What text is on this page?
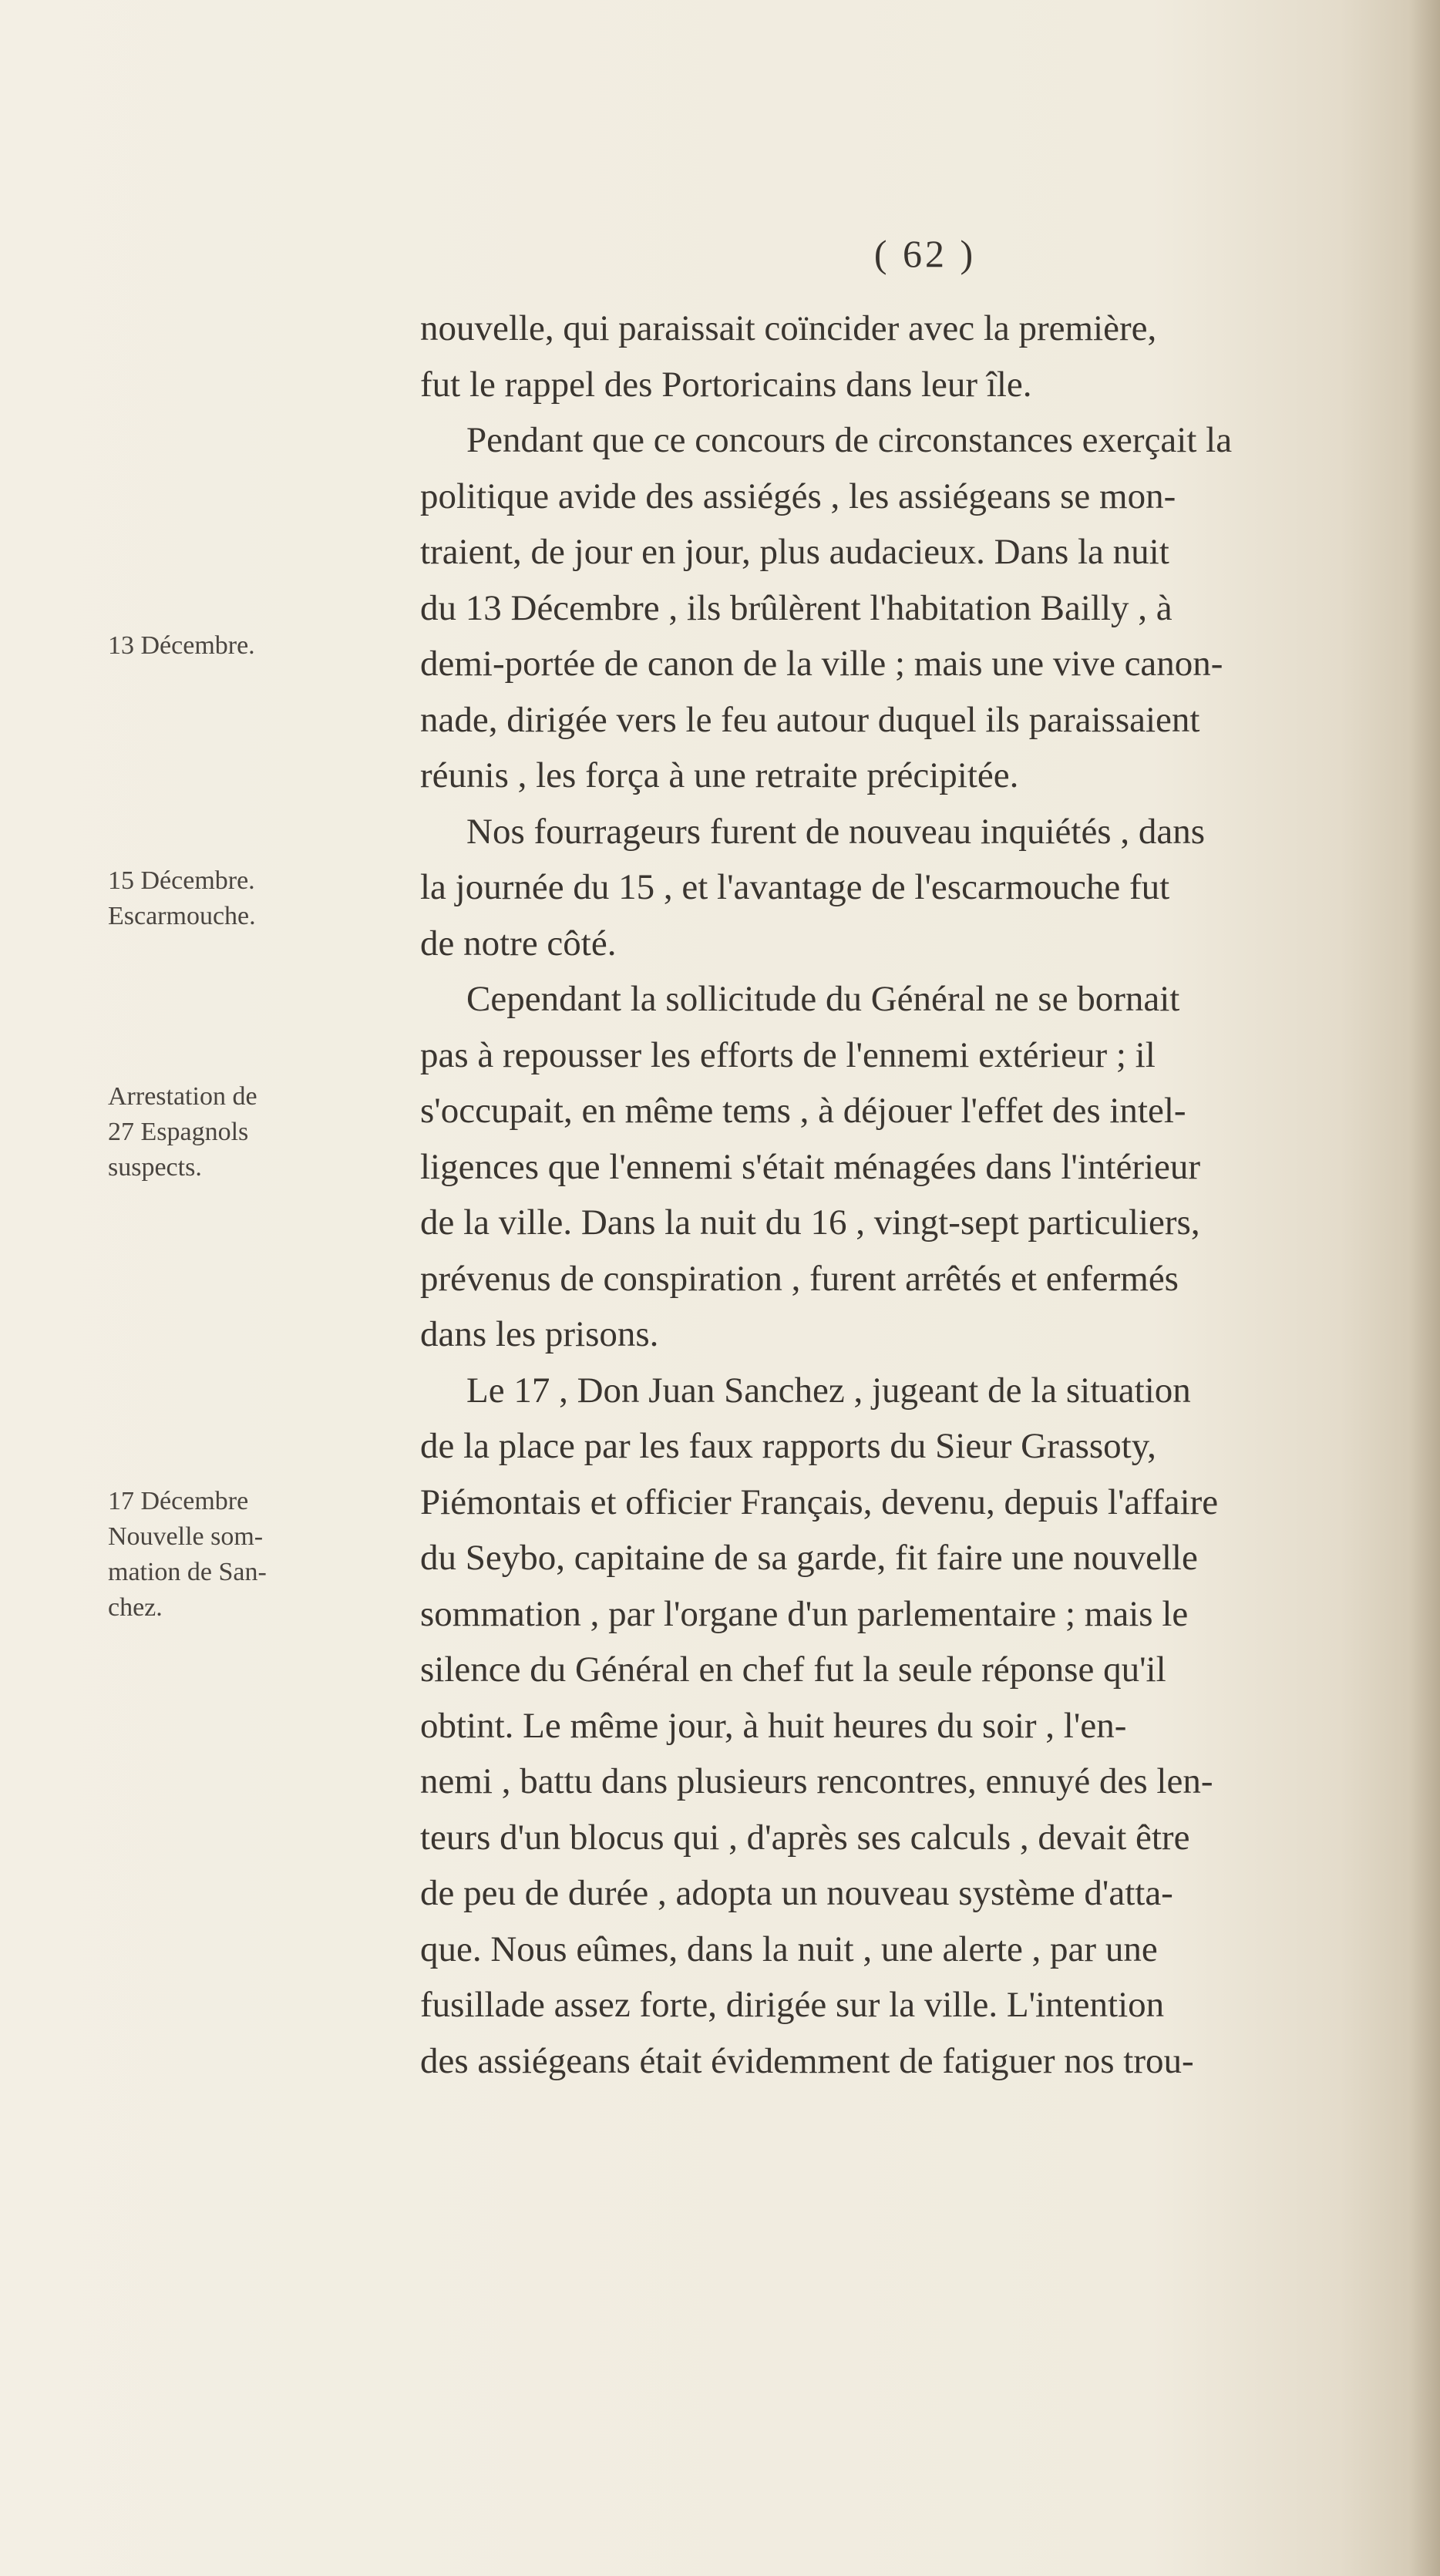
( 62 )
13 Décembre.
15 Décembre.
Escarmouche.
Arrestation de
27 Espagnols
suspects.
17 Décembre
Nouvelle som-
mation de San-
chez.
nouvelle, qui paraissait coïncider avec la première,
fut le rappel des Portoricains dans leur île.
Pendant que ce concours de circonstances exerçait la
politique avide des assiégés , les assiégeans se mon-
traient, de jour en jour, plus audacieux. Dans la nuit
du 13 Décembre , ils brûlèrent l'habitation Bailly , à
demi-portée de canon de la ville ; mais une vive canon-
nade, dirigée vers le feu autour duquel ils paraissaient
réunis , les força à une retraite précipitée.
Nos fourrageurs furent de nouveau inquiétés , dans
la journée du 15 , et l'avantage de l'escarmouche fut
de notre côté.
Cependant la sollicitude du Général ne se bornait
pas à repousser les efforts de l'ennemi extérieur ; il
s'occupait, en même tems , à déjouer l'effet des intel-
ligences que l'ennemi s'était ménagées dans l'intérieur
de la ville. Dans la nuit du 16 , vingt-sept particuliers,
prévenus de conspiration , furent arrêtés et enfermés
dans les prisons.
Le 17 , Don Juan Sanchez , jugeant de la situation
de la place par les faux rapports du Sieur Grassoty,
Piémontais et officier Français, devenu, depuis l'affaire
du Seybo, capitaine de sa garde, fit faire une nouvelle
sommation , par l'organe d'un parlementaire ; mais le
silence du Général en chef fut la seule réponse qu'il
obtint. Le même jour, à huit heures du soir , l'en-
nemi , battu dans plusieurs rencontres, ennuyé des len-
teurs d'un blocus qui , d'après ses calculs , devait être
de peu de durée , adopta un nouveau système d'atta-
que. Nous eûmes, dans la nuit , une alerte , par une
fusillade assez forte, dirigée sur la ville. L'intention
des assiégeans était évidemment de fatiguer nos trou-
